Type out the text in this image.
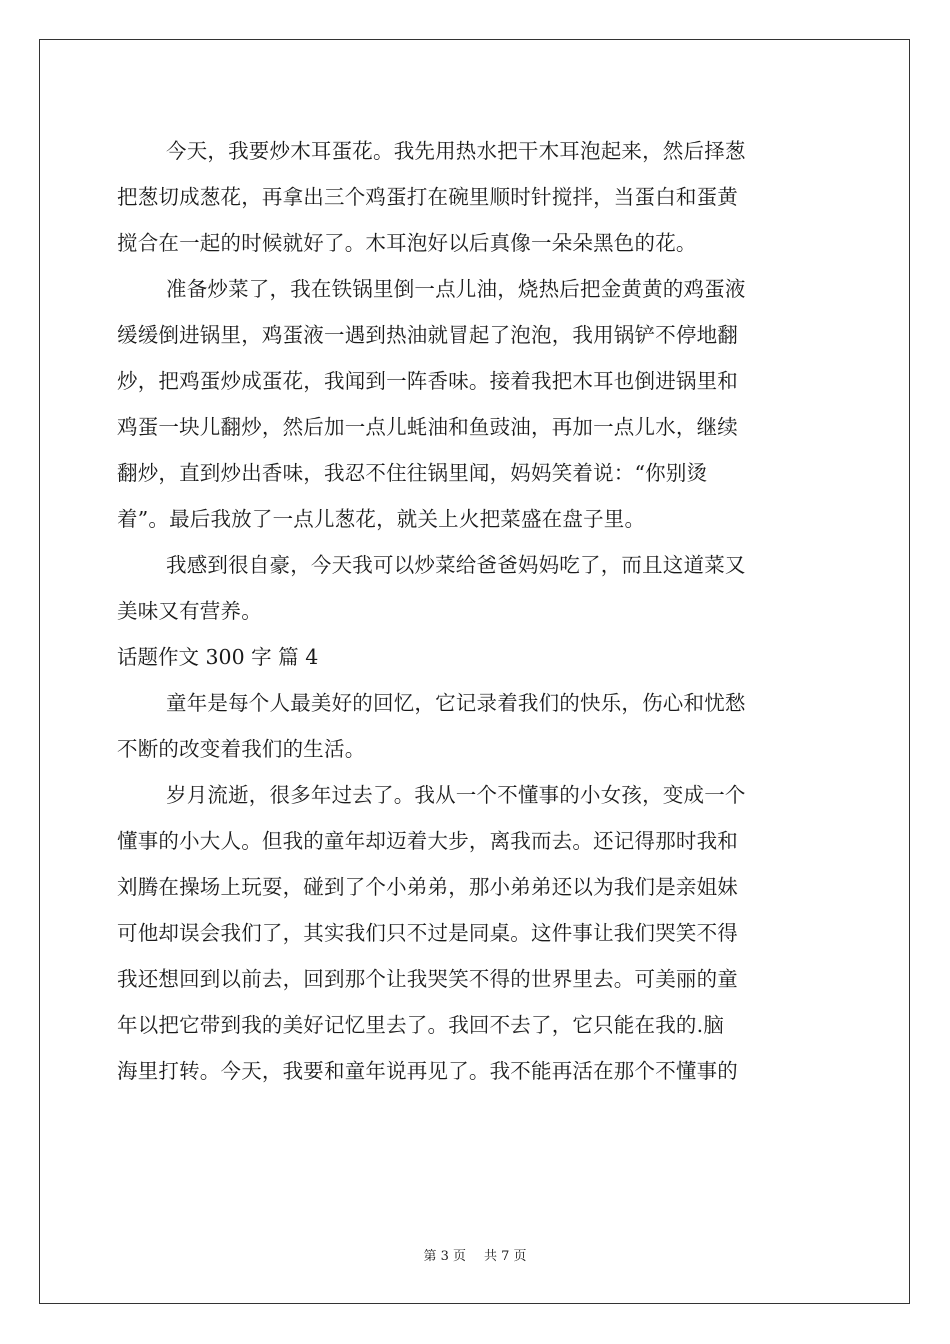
今天，我要炒木耳蛋花。我先用热水把干木耳泡起来，然后择葱
把葱切成葱花，再拿出三个鸡蛋打在碗里顺时针搅拌，当蛋白和蛋黄
搅合在一起的时候就好了。木耳泡好以后真像一朵朵黑色的花。
准备炒菜了，我在铁锅里倒一点儿油，烧热后把金黄黄的鸡蛋液
缓缓倒进锅里，鸡蛋液一遇到热油就冒起了泡泡，我用锅铲不停地翻
炒，把鸡蛋炒成蛋花，我闻到一阵香味。接着我把木耳也倒进锅里和
鸡蛋一块儿翻炒，然后加一点儿蚝油和鱼豉油，再加一点儿水，继续
翻炒，直到炒出香味，我忍不住往锅里闻，妈妈笑着说：“你别烫
着”。最后我放了一点儿葱花，就关上火把菜盛在盘子里。
我感到很自豪，今天我可以炒菜给爸爸妈妈吃了，而且这道菜又
美味又有营养。
话题作文 300 字 篇 4
童年是每个人最美好的回忆，它记录着我们的快乐，伤心和忧愁
不断的改变着我们的生活。
岁月流逝，很多年过去了。我从一个不懂事的小女孩，变成一个
懂事的小大人。但我的童年却迈着大步，离我而去。还记得那时我和
刘腾在操场上玩耍，碰到了个小弟弟，那小弟弟还以为我们是亲姐妹
可他却误会我们了，其实我们只不过是同桌。这件事让我们哭笑不得
我还想回到以前去，回到那个让我哭笑不得的世界里去。可美丽的童
年以把它带到我的美好记忆里去了。我回不去了，它只能在我的.脑
海里打转。今天，我要和童年说再见了。我不能再活在那个不懂事的
第 3 页 共 7 页
